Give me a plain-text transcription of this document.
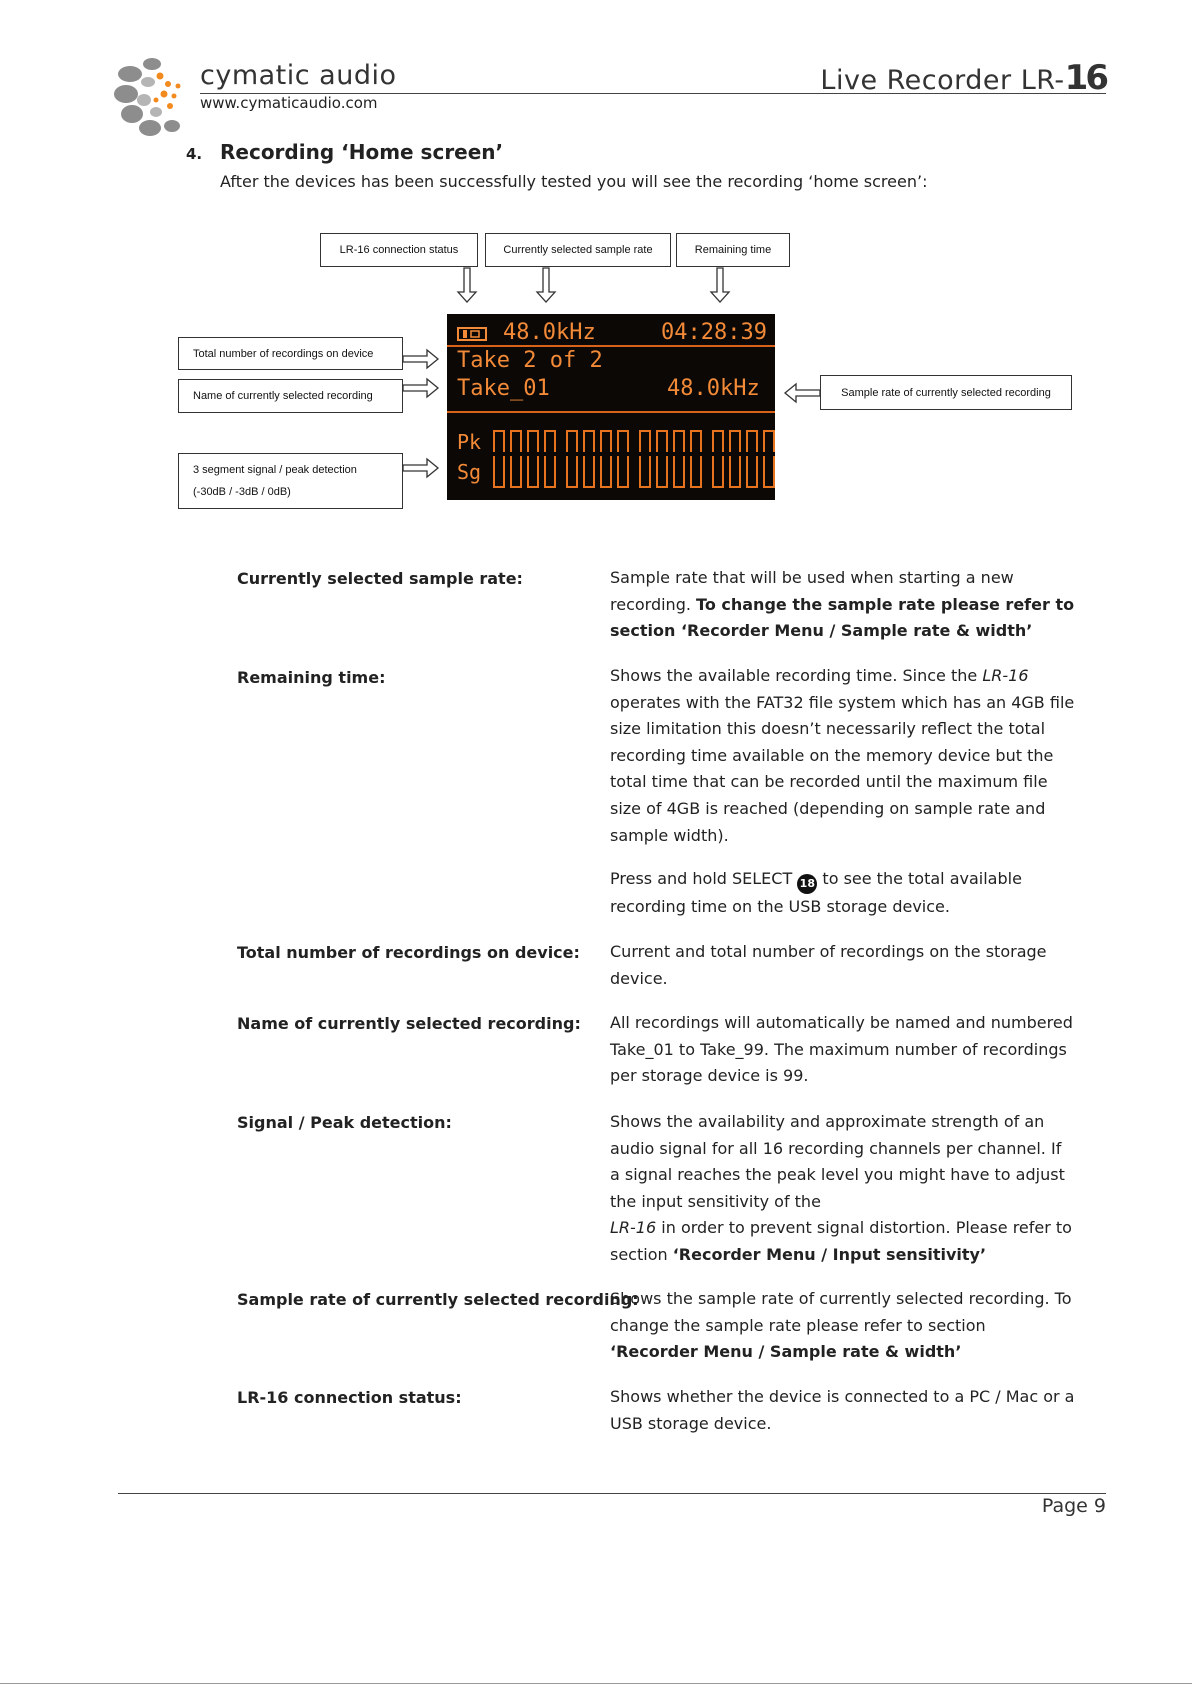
cymatic audio
www.cymaticaudio.com
Live Recorder LR-16
4. Recording ‘Home screen’
After the devices has been successfully tested you will see the recording ‘home screen’:
LR-16 connection status	Currently selected sample rate	Remaining time
Total number of recordings on device
Name of currently selected recording
3 segment signal / peak detection
(-30dB / -3dB / 0dB)
Sample rate of currently selected recording
48.0kHz	04:28:39
Take 2 of 2
Take_01	48.0kHz
Pk
Sg
Currently selected sample rate:	Sample rate that will be used when starting a new recording. To change the sample rate please refer to section ‘Recorder Menu / Sample rate & width’
Remaining time:	Shows the available recording time. Since the LR-16 operates with the FAT32 file system which has an 4GB file size limitation this doesn’t necessarily reflect the total recording time available on the memory device but the total time that can be recorded until the maximum file size of 4GB is reached (depending on sample rate and sample width).
Press and hold SELECT 18 to see the total available recording time on the USB storage device.
Total number of recordings on device: Current and total number of recordings on the storage device.
Name of currently selected recording: All recordings will automatically be named and numbered Take_01 to Take_99. The maximum number of recordings per storage device is 99.
Signal / Peak detection:	Shows the availability and approximate strength of an audio signal for all 16 recording channels per channel. If a signal reaches the peak level you might have to adjust the input sensitivity of the
LR-16 in order to prevent signal distortion. Please refer to section ‘Recorder Menu / Input sensitivity’
Sample rate of currently selected recording:
Shows the sample rate of currently selected recording. To change the sample rate please refer to section ‘Recorder Menu / Sample rate & width’
LR-16 connection status:	Shows whether the device is connected to a PC / Mac or a USB storage device.
Page 9
